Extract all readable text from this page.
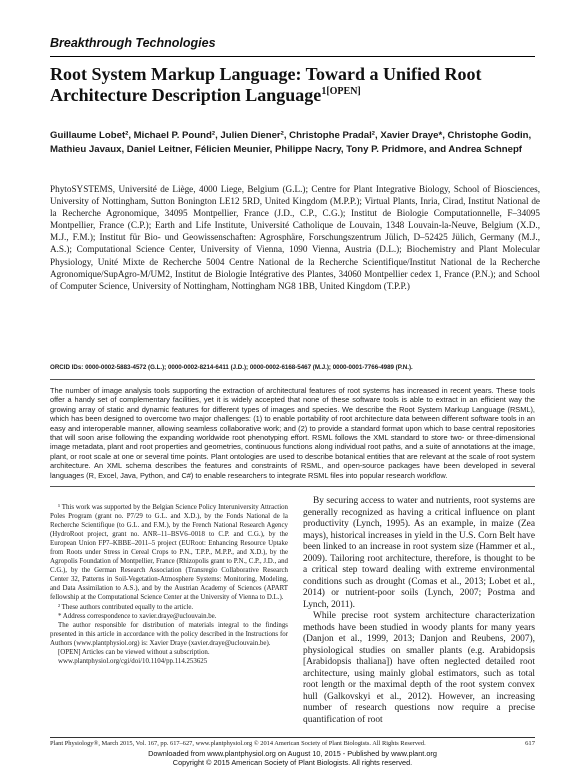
Breakthrough Technologies
Root System Markup Language: Toward a Unified Root Architecture Description Language$^{1[OPEN]}$
Guillaume Lobet², Michael P. Pound², Julien Diener², Christophe Pradal², Xavier Draye*, Christophe Godin, Mathieu Javaux, Daniel Leitner, Félicien Meunier, Philippe Nacry, Tony P. Pridmore, and Andrea Schnepf
PhytoSYSTEMS, Université de Liège, 4000 Liege, Belgium (G.L.); Centre for Plant Integrative Biology, School of Biosciences, University of Nottingham, Sutton Bonington LE12 5RD, United Kingdom (M.P.P.); Virtual Plants, Inria, Cirad, Institut National de la Recherche Agronomique, 34095 Montpellier, France (J.D., C.P., C.G.); Institut de Biologie Computationnelle, F–34095 Montpellier, France (C.P.); Earth and Life Institute, Université Catholique de Louvain, 1348 Louvain-la-Neuve, Belgium (X.D., M.J., F.M.); Institut für Bio- und Geowissenschaften: Agrosphäre, Forschungszentrum Jülich, D–52425 Jülich, Germany (M.J., A.S.); Computational Science Center, University of Vienna, 1090 Vienna, Austria (D.L.); Biochemistry and Plant Molecular Physiology, Unité Mixte de Recherche 5004 Centre National de la Recherche Scientifique/Institut National de la Recherche Agronomique/SupAgro-M/UM2, Institut de Biologie Intégrative des Plantes, 34060 Montpellier cedex 1, France (P.N.); and School of Computer Science, University of Nottingham, Nottingham NG8 1BB, United Kingdom (T.P.P.)
ORCID IDs: 0000-0002-5883-4572 (G.L.); 0000-0002-8214-6411 (J.D.); 0000-0002-6168-5467 (M.J.); 0000-0001-7766-4989 (P.N.).
The number of image analysis tools supporting the extraction of architectural features of root systems has increased in recent years. These tools offer a handy set of complementary facilities, yet it is widely accepted that none of these software tools is able to extract in an efficient way the growing array of static and dynamic features for different types of images and species. We describe the Root System Markup Language (RSML), which has been designed to overcome two major challenges: (1) to enable portability of root architecture data between different software tools in an easy and interoperable manner, allowing seamless collaborative work; and (2) to provide a standard format upon which to base central repositories that will soon arise following the expanding worldwide root phenotyping effort. RSML follows the XML standard to store two- or three-dimensional image metadata, plant and root properties and geometries, continuous functions along individual root paths, and a suite of annotations at the image, plant, or root scale at one or several time points. Plant ontologies are used to describe botanical entities that are relevant at the scale of root system architecture. An XML schema describes the features and constraints of RSML, and open-source packages have been developed in several languages (R, Excel, Java, Python, and C#) to enable researchers to integrate RSML files into popular research workflow.

¹ This work was supported by the Belgian Science Policy Interuniversity Attraction Poles Program (grant no. P7/29 to G.L. and X.D.), by the Fonds National de la Recherche Scientifique (to G.L. and F.M.), by the French National Research Agency (HydroRoot project, grant no. ANR–11–BSV6–0018 to C.P. and C.G.), by the European Union FP7–KBBE–2011–5 project (EURoot: Enhancing Resource Uptake from Roots under Stress in Cereal Crops to P.N., T.P.P., M.P.P., and X.D.), by the Agropolis Foundation of Montpellier, France (Rhizopolis grant to P.N., C.P., J.D., and C.G.), by the German Research Association (Transregio Collaborative Research Center 32, Patterns in Soil-Vegetation-Atmosphere Systems: Monitoring, Modeling, and Data Assimilation to A.S.), and by the Austrian Academy of Sciences (APART fellowship at the Computational Science Center at the University of Vienna to D.L.).

² These authors contributed equally to the article.

* Address correspondence to xavier.draye@uclouvain.be.

The author responsible for distribution of materials integral to the findings presented in this article in accordance with the policy described in the Instructions for Authors (www.plantphysiol.org) is: Xavier Draye (xavier.draye@uclouvain.be).

[OPEN] Articles can be viewed without a subscription.

www.plantphysiol.org/cgi/doi/10.1104/pp.114.253625

By securing access to water and nutrients, root systems are generally recognized as having a critical influence on plant productivity (Lynch, 1995). As an example, in maize (Zea mays), historical increases in yield in the U.S. Corn Belt have been linked to an increase in root system size (Hammer et al., 2009). Tailoring root architecture, therefore, is thought to be a critical step toward dealing with extreme environmental conditions such as drought (Comas et al., 2013; Lobet et al., 2014) or nutrient-poor soils (Lynch, 2007; Postma and Lynch, 2011).

While precise root system architecture characterization methods have been studied in woody plants for many years (Danjon et al., 1999, 2013; Danjon and Reubens, 2007), physiological studies on smaller plants (e.g. Arabidopsis [Arabidopsis thaliana]) have often neglected detailed root architecture, using mainly global estimators, such as total root length or the maximal depth of the root system convex hull (Galkovskyi et al., 2012). However, an increasing number of research questions now require a precise quantification of root

Plant Physiology®, March 2015, Vol. 167, pp. 617–627, www.plantphysiol.org © 2014 American Society of Plant Biologists. All Rights Reserved.	617
Downloaded from www.plantphysiol.org on August 10, 2015 - Published by www.plant.org
Copyright © 2015 American Society of Plant Biologists. All rights reserved.
